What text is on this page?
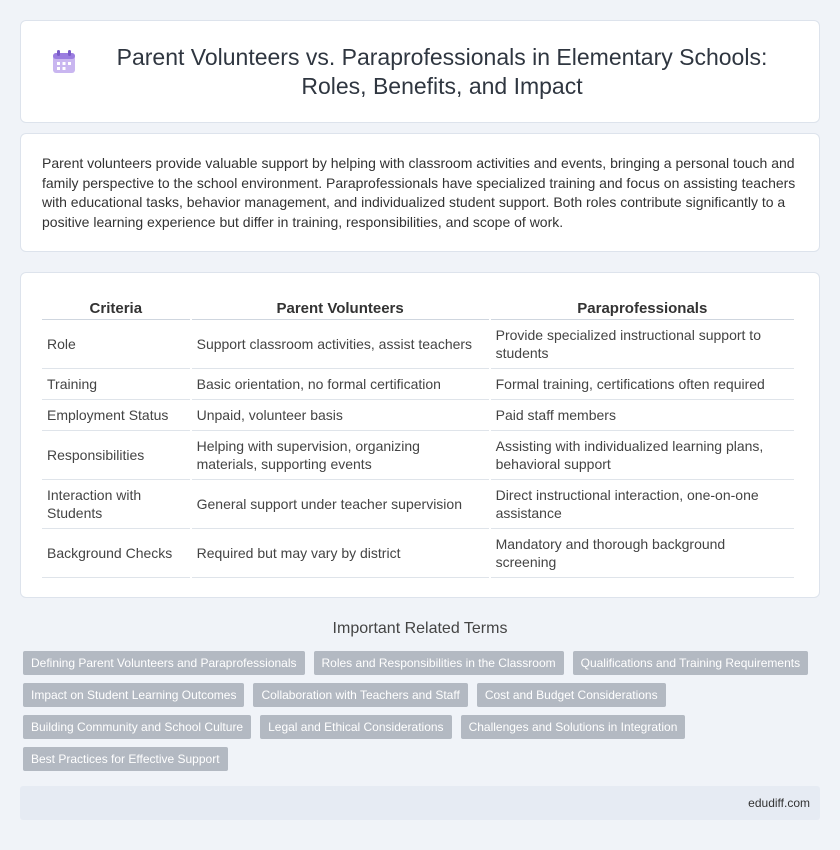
Parent Volunteers vs. Paraprofessionals in Elementary Schools: Roles, Benefits, and Impact

Parent volunteers provide valuable support by helping with classroom activities and events, bringing a personal touch and family perspective to the school environment. Paraprofessionals have specialized training and focus on assisting teachers with educational tasks, behavior management, and individualized student support. Both roles contribute significantly to a positive learning experience but differ in training, responsibilities, and scope of work.

Criteria	Parent Volunteers	Paraprofessionals
Role	Support classroom activities, assist teachers	Provide specialized instructional support to students
Training	Basic orientation, no formal certification	Formal training, certifications often required
Employment Status	Unpaid, volunteer basis	Paid staff members
Responsibilities	Helping with supervision, organizing materials, supporting events	Assisting with individualized learning plans, behavioral support
Interaction with Students	General support under teacher supervision	Direct instructional interaction, one-on-one assistance
Background Checks	Required but may vary by district	Mandatory and thorough background screening
Important Related Terms
Defining Parent Volunteers and Paraprofessionals	Roles and Responsibilities in the Classroom	Qualifications and Training Requirements
Impact on Student Learning Outcomes	Collaboration with Teachers and Staff	Cost and Budget Considerations
Building Community and School Culture	Legal and Ethical Considerations	Challenges and Solutions in Integration
Best Practices for Effective Support
edudiff.com
